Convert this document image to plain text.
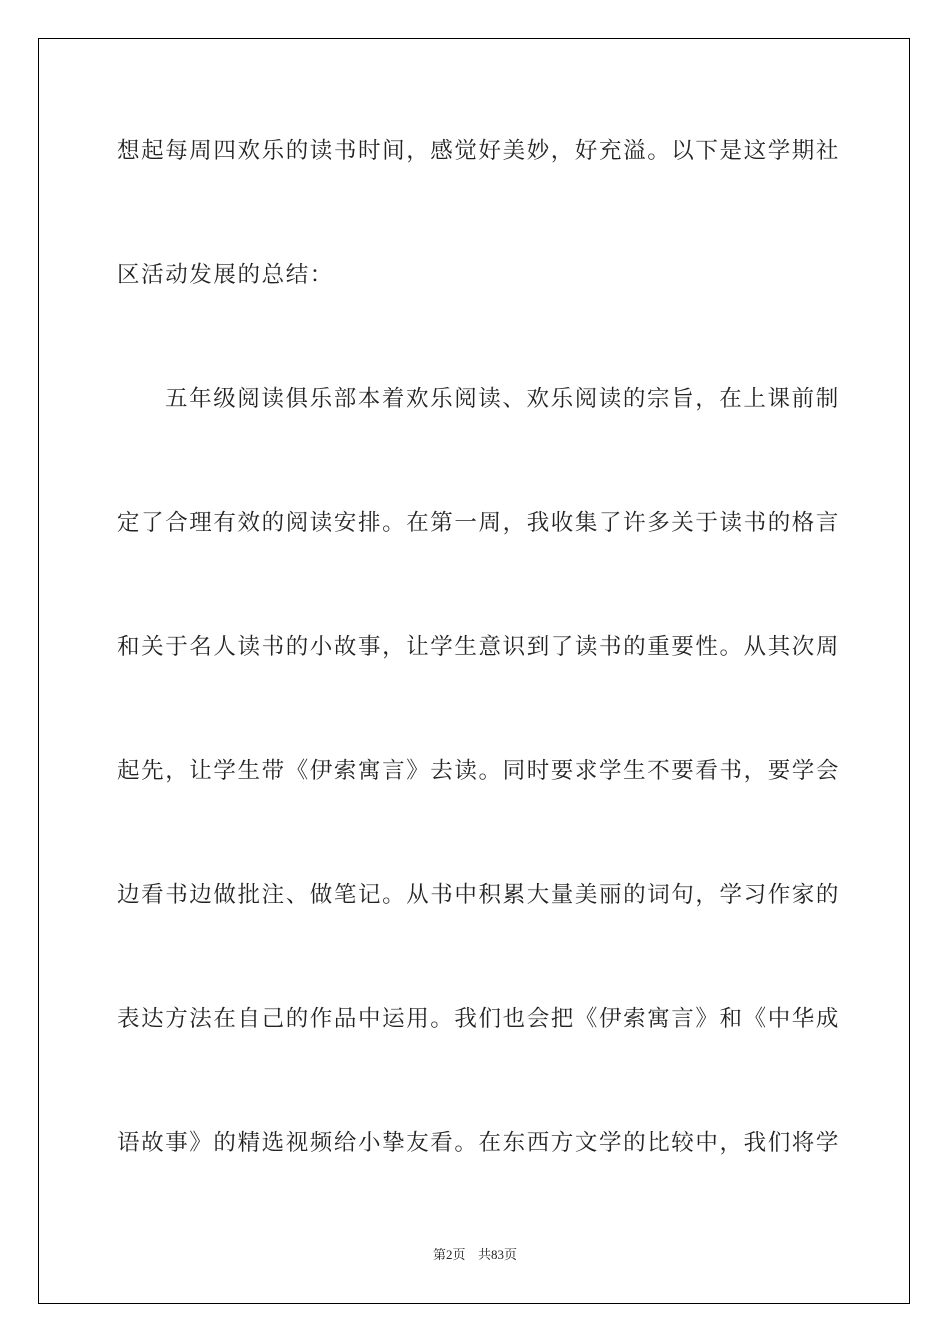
想起每周四欢乐的读书时间，感觉好美妙，好充溢。以下是这学期社
区活动发展的总结：
五年级阅读俱乐部本着欢乐阅读、欢乐阅读的宗旨，在上课前制
定了合理有效的阅读安排。在第一周，我收集了许多关于读书的格言
和关于名人读书的小故事，让学生意识到了读书的重要性。从其次周
起先，让学生带《伊索寓言》去读。同时要求学生不要看书，要学会
边看书边做批注、做笔记。从书中积累大量美丽的词句，学习作家的
表达方法在自己的作品中运用。我们也会把《伊索寓言》和《中华成
语故事》的精选视频给小挚友看。在东西方文学的比较中，我们将学
第2页 共83页
